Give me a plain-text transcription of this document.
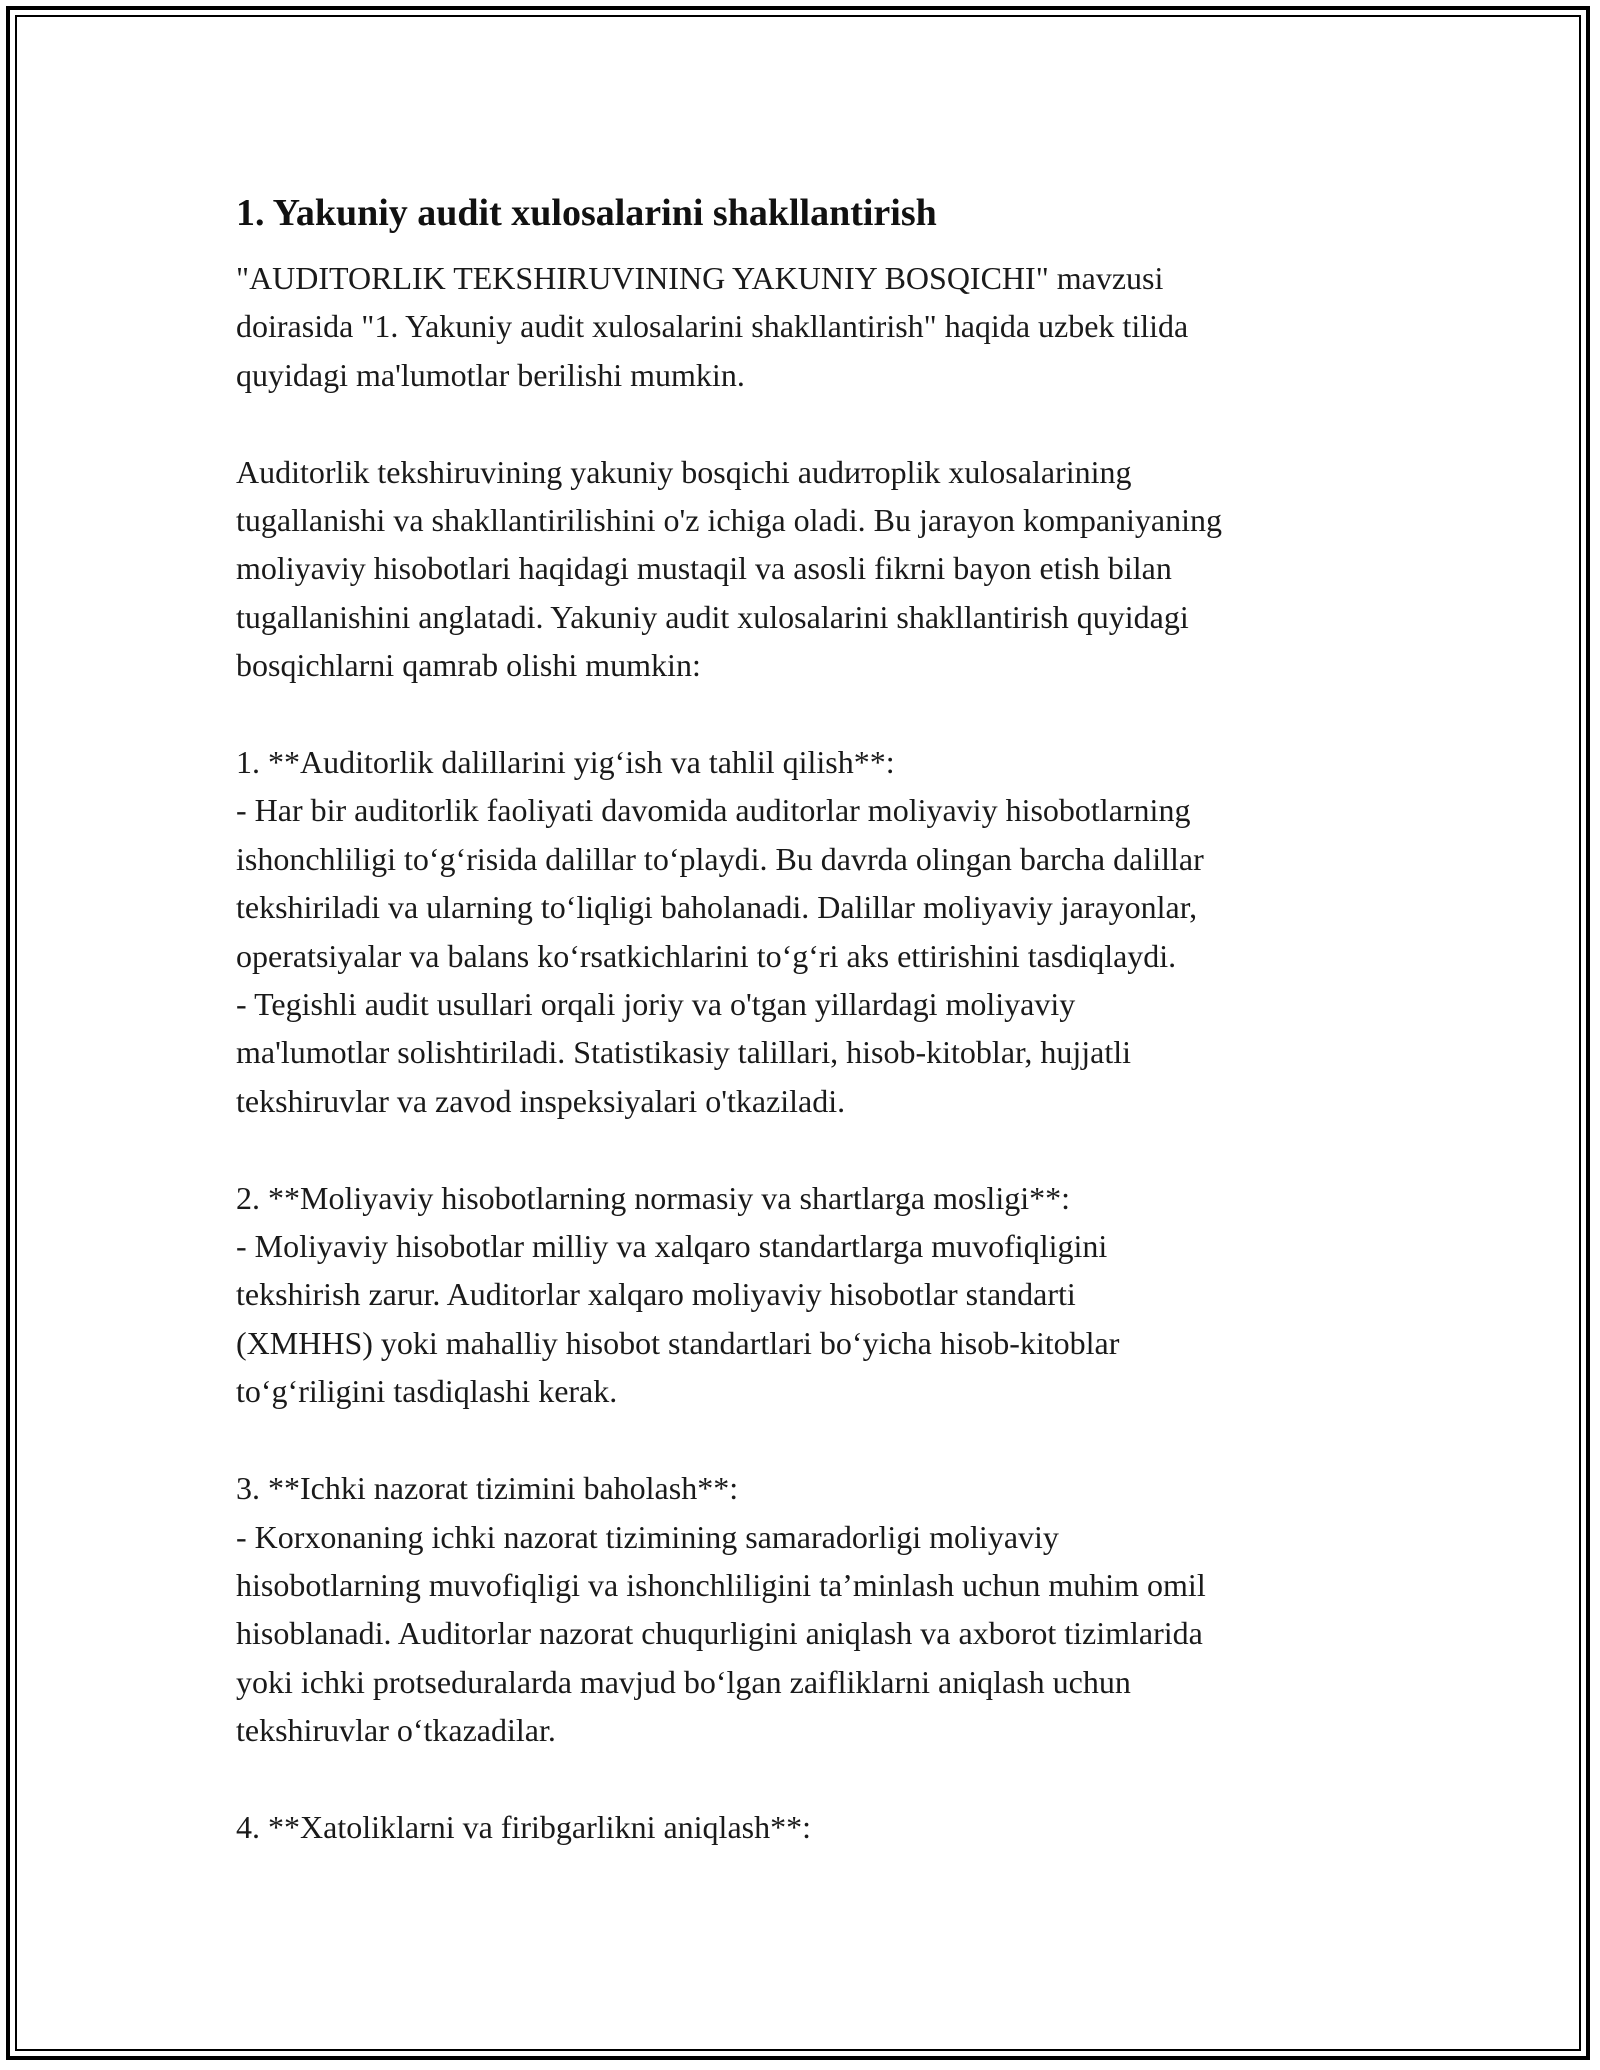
1. Yakuniy audit xulosalarini shakllantirish

"AUDITORLIK TEKSHIRUVINING YAKUNIY BOSQICHI" mavzusi
doirasida "1. Yakuniy audit xulosalarini shakllantirish" haqida uzbek tilida
quyidagi ma'lumotlar berilishi mumkin.

Auditorlik tekshiruvining yakuniy bosqichi audиторlik xulosalarining
tugallanishi va shakllantirilishini o'z ichiga oladi. Bu jarayon kompaniyaning
moliyaviy hisobotlari haqidagi mustaqil va asosli fikrni bayon etish bilan
tugallanishini anglatadi. Yakuniy audit xulosalarini shakllantirish quyidagi
bosqichlarni qamrab olishi mumkin:

1. **Auditorlik dalillarini yig‘ish va tahlil qilish**:
- Har bir auditorlik faoliyati davomida auditorlar moliyaviy hisobotlarning
ishonchliligi to‘g‘risida dalillar to‘playdi. Bu davrda olingan barcha dalillar
tekshiriladi va ularning to‘liqligi baholanadi. Dalillar moliyaviy jarayonlar,
operatsiyalar va balans ko‘rsatkichlarini to‘g‘ri aks ettirishini tasdiqlaydi.
- Tegishli audit usullari orqali joriy va o'tgan yillardagi moliyaviy
ma'lumotlar solishtiriladi. Statistikasiy talillari, hisob-kitoblar, hujjatli
tekshiruvlar va zavod inspeksiyalari o'tkaziladi.

2. **Moliyaviy hisobotlarning normasiy va shartlarga mosligi**:
- Moliyaviy hisobotlar milliy va xalqaro standartlarga muvofiqligini
tekshirish zarur. Auditorlar xalqaro moliyaviy hisobotlar standarti
(XMHHS) yoki mahalliy hisobot standartlari bo‘yicha hisob-kitoblar
to‘g‘riligini tasdiqlashi kerak.

3. **Ichki nazorat tizimini baholash**:
- Korxonaning ichki nazorat tizimining samaradorligi moliyaviy
hisobotlarning muvofiqligi va ishonchliligini ta’minlash uchun muhim omil
hisoblanadi. Auditorlar nazorat chuqurligini aniqlash va axborot tizimlarida
yoki ichki protseduralarda mavjud bo‘lgan zaifliklarni aniqlash uchun
tekshiruvlar o‘tkazadilar.

4. **Xatoliklarni va firibgarlikni aniqlash**:
